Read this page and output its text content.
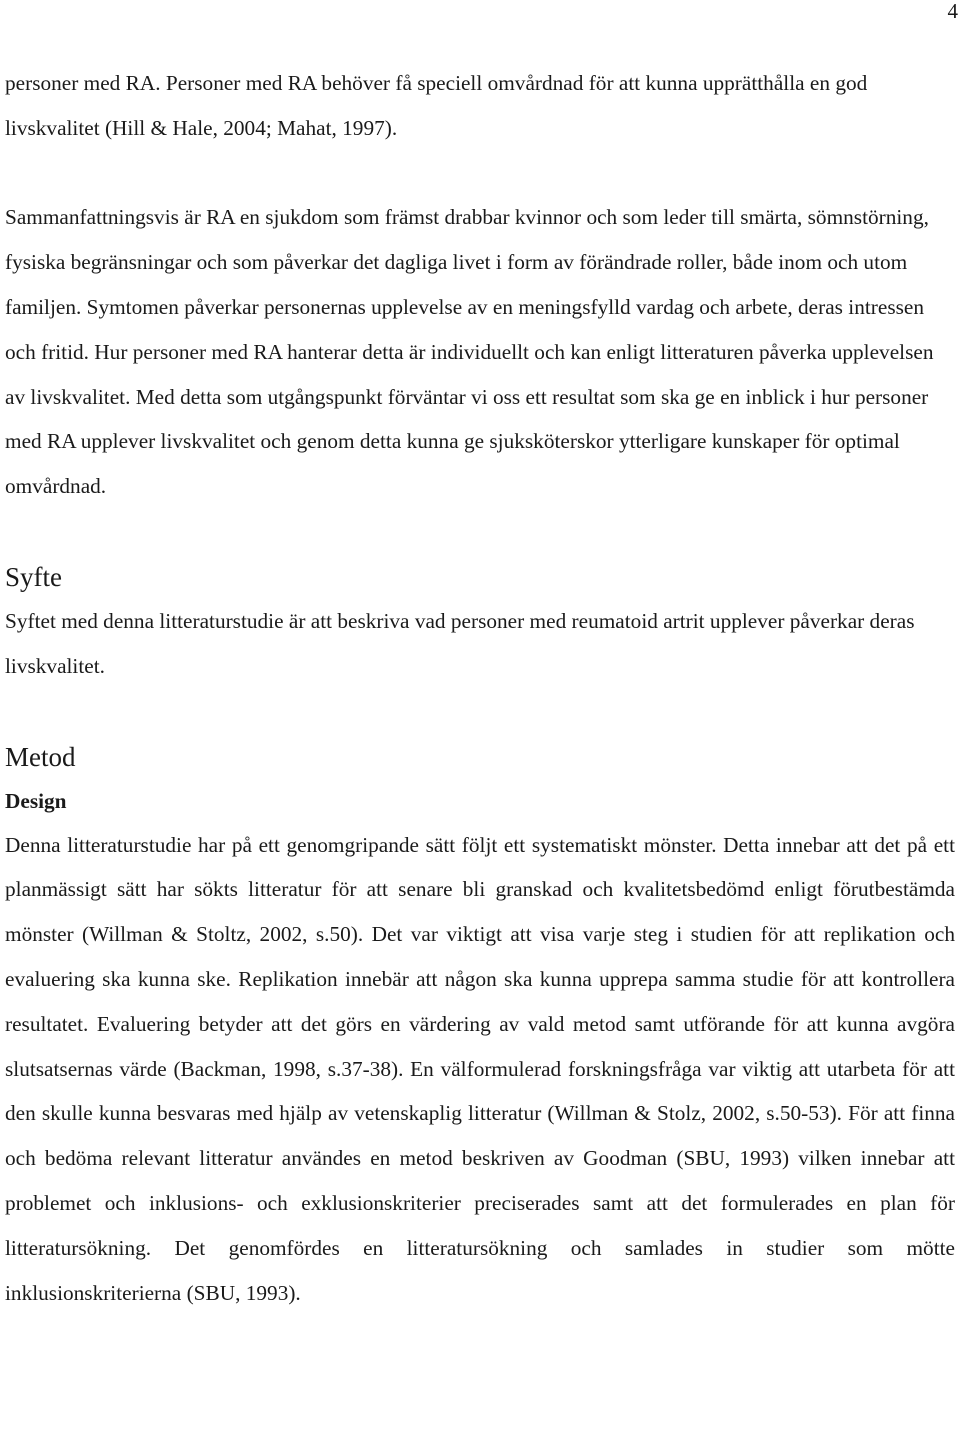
4

personer med RA. Personer med RA behöver få speciell omvårdnad för att kunna upprätthålla en god livskvalitet (Hill & Hale, 2004; Mahat, 1997).

Sammanfattningsvis är RA en sjukdom som främst drabbar kvinnor och som leder till smärta, sömnstörning, fysiska begränsningar och som påverkar det dagliga livet i form av förändrade roller, både inom och utom familjen. Symtomen påverkar personernas upplevelse av en meningsfylld vardag och arbete, deras intressen och fritid. Hur personer med RA hanterar detta är individuellt och kan enligt litteraturen påverka upplevelsen av livskvalitet. Med detta som utgångspunkt förväntar vi oss ett resultat som ska ge en inblick i hur personer med RA upplever livskvalitet och genom detta kunna ge sjuksköterskor ytterligare kunskaper för optimal omvårdnad.

Syfte

Syftet med denna litteraturstudie är att beskriva vad personer med reumatoid artrit upplever påverkar deras livskvalitet.

Metod
Design

Denna litteraturstudie har på ett genomgripande sätt följt ett systematiskt mönster. Detta innebar att det på ett planmässigt sätt har sökts litteratur för att senare bli granskad och kvalitetsbedömd enligt förutbestämda mönster (Willman & Stoltz, 2002, s.50). Det var viktigt att visa varje steg i studien för att replikation och evaluering ska kunna ske. Replikation innebär att någon ska kunna upprepa samma studie för att kontrollera resultatet. Evaluering betyder att det görs en värdering av vald metod samt utförande för att kunna avgöra slutsatsernas värde (Backman, 1998, s.37-38). En välformulerad forskningsfråga var viktig att utarbeta för att den skulle kunna besvaras med hjälp av vetenskaplig litteratur (Willman & Stolz, 2002, s.50-53). För att finna och bedöma relevant litteratur användes en metod beskriven av Goodman (SBU, 1993) vilken innebar att problemet och inklusions- och exklusionskriterier preciserades samt att det formulerades en plan för litteratursökning. Det genomfördes en litteratursökning och samlades in studier som mötte inklusionskriterierna (SBU, 1993).
